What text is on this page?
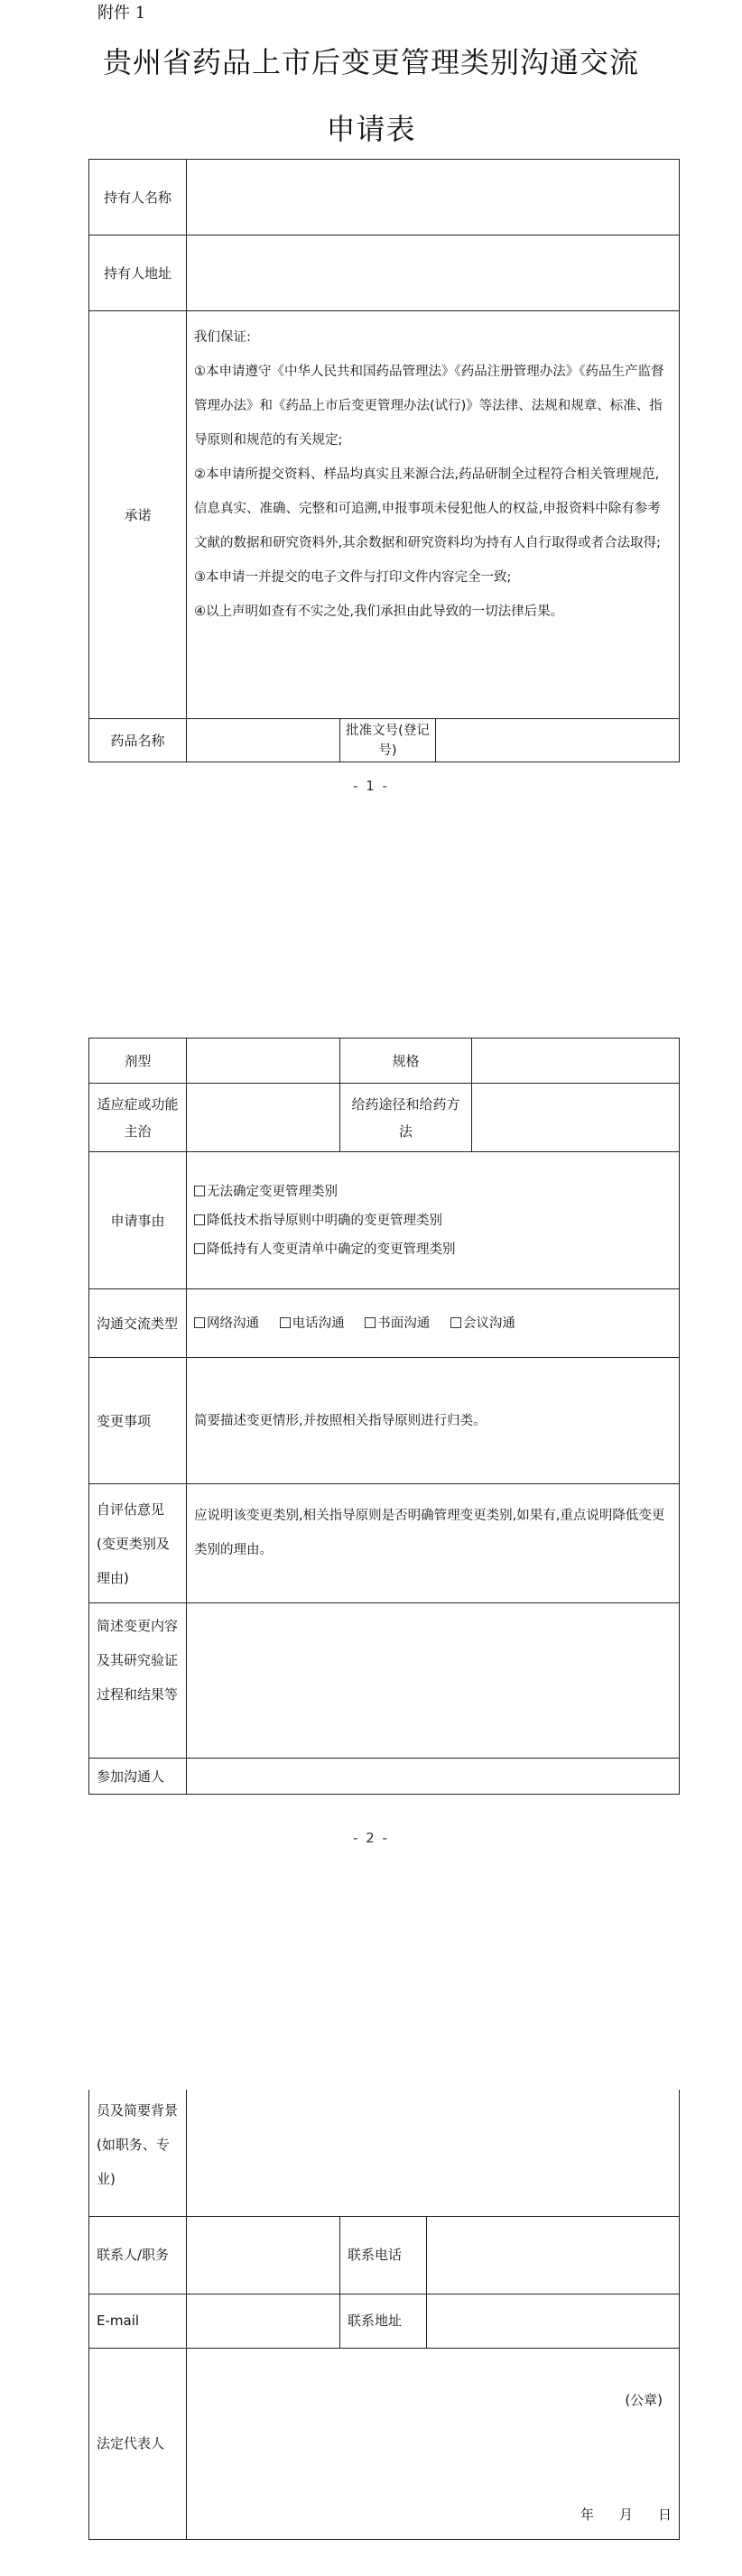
附件 1
贵州省药品上市后变更管理类别沟通交流
申请表
持有人名称			
持有人地址			
承诺	我们保证:
①本申请遵守《中华人民共和国药品管理法》《药品注册管理办法》《药品生产监督管理办法》和《药品上市后变更管理办法(试行)》等法律、法规和规章、标准、指导原则和规范的有关规定;
②本申请所提交资料、样品均真实且来源合法,药品研制全过程符合相关管理规范,信息真实、准确、完整和可追溯,申报事项未侵犯他人的权益,申报资料中除有参考文献的数据和研究资料外,其余数据和研究资料均为持有人自行取得或者合法取得;
③本申请一并提交的电子文件与打印文件内容完全一致;
④以上声明如查有不实之处,我们承担由此导致的一切法律后果。		

药品名称		批准文号(登记号)	
- 1 -
剂型		规格	
适应症或功能主治		给药途径和给药方法	
申请事由	无法确定变更管理类别
降低技术指导原则中明确的变更管理类别
降低持有人变更清单中确定的变更管理类别		

沟通交流类型	网络沟通 电话沟通 书面沟通 会议沟通		
变更事项	简要描述变更情形,并按照相关指导原则进行归类。		
自评估意见(变更类别及理由)	应说明该变更类别,相关指导原则是否明确管理变更类别,如果有,重点说明降低变更类别的理由。		
简述变更内容及其研究验证过程和结果等			
参加沟通人			
- 2 -
员及简要背景(如职务、专业)			
联系人/职务		联系电话	
E-mail		联系地址	
法定代表人	(公章)
年 月 日		
